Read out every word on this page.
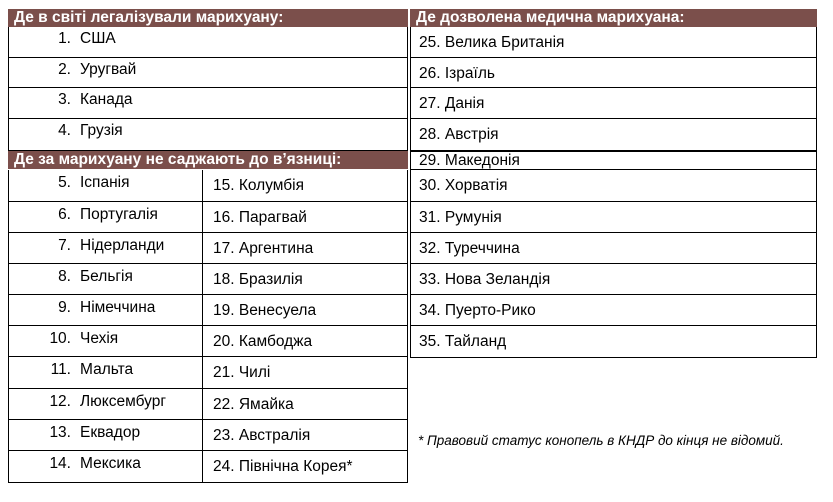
Де в світі легалізували марихуану:
1. США
2. Уругвай
3. Канада
4. Грузія
Де за марихуану не саджають до в’язниці:
5. Іспанія
6. Португалія
7. Нідерланди
8. Бельгія
9. Німеччина
10. Чехія
11. Мальта
12. Люксембург
13. Еквадор
14. Мексика
15. Колумбія
16. Парагвай
17. Аргентина
18. Бразилія
19. Венесуела
20. Камбоджа
21. Чилі
22. Ямайка
23. Австралія
24. Північна Корея*
Де дозволена медична марихуана:
25. Велика Британія
26. Ізраїль
27. Данія
28. Австрія
29. Македонія
30. Хорватія
31. Румунія
32. Туреччина
33. Нова Зеландія
34. Пуерто-Рико
35. Тайланд
* Правовий статус конопель в КНДР до кінця не відомий.
